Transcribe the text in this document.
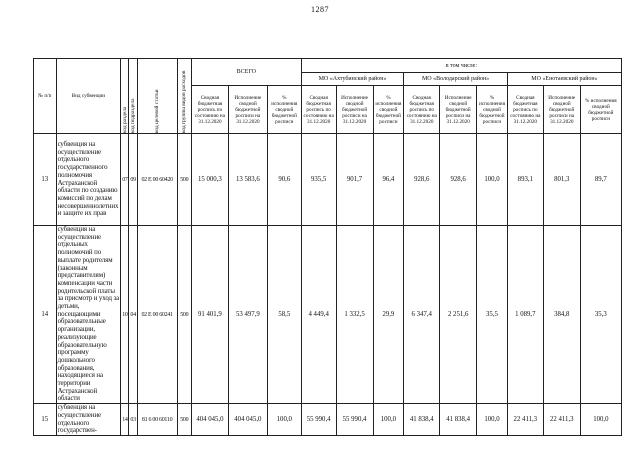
1287
№ п/п	Вид субвенции	код раздела	код подраздела	код целевой статьи	код группы видов расходов	ВСЕГО			в том числе:								
									МО «Ахтубинский район»			МО «Володарский район»			МО «Енотаевский район»		
						Сводная бюджетная роспись по состоянию на 31.12.2020	Исполнение сводной бюджетной росписи на 31.12.2020	% исполнения сводной бюджетной росписи	Сводная бюджетная роспись по состоянию на 31.12.2020	Исполнение сводной бюджетной росписи на 31.12.2020	% исполнения сводной бюджетной росписи	Сводная бюджетная роспись по состоянию на 31.12.2020	Исполнение сводной бюджетной росписи на 31.12.2020	% исполнения сводной бюджетной росписи	Сводная бюджетная роспись по состоянию на 31.12.2020	Исполнение сводной бюджетной росписи на 31.12.2020	% исполнения сводной бюджетной росписи
13	субвенция на осуществление отдельного государственного полномочия Астраханской области по созданию комиссий по делам несовершеннолетних и защите их прав	07	09	02 Е 00 60420	500	15 000,3	13 583,6	90,6	935,5	901,7	96,4	928,6	928,6	100,0	893,1	801,3	89,7
14	субвенция на осуществление отдельных полномочий по выплате родителям (законным представителям) компенсации части родительской платы за присмотр и уход за детьми, посещающими образовательные организации, реализующие образовательную программу дошкольного образования, находящиеся на территории Астраханской области	10	04	02 Е 00 60241	500	91 401,9	53 497,9	58,5	4 449,4	1 332,5	29,9	6 347,4	2 251,6	35,5	1 089,7	384,8	35,3
15	субвенция на осуществление отдельного государствен-	14	03	81 6 00 60110	500	404 045,0	404 045,0	100,0	55 990,4	55 990,4	100,0	41 838,4	41 838,4	100,0	22 411,3	22 411,3	100,0
